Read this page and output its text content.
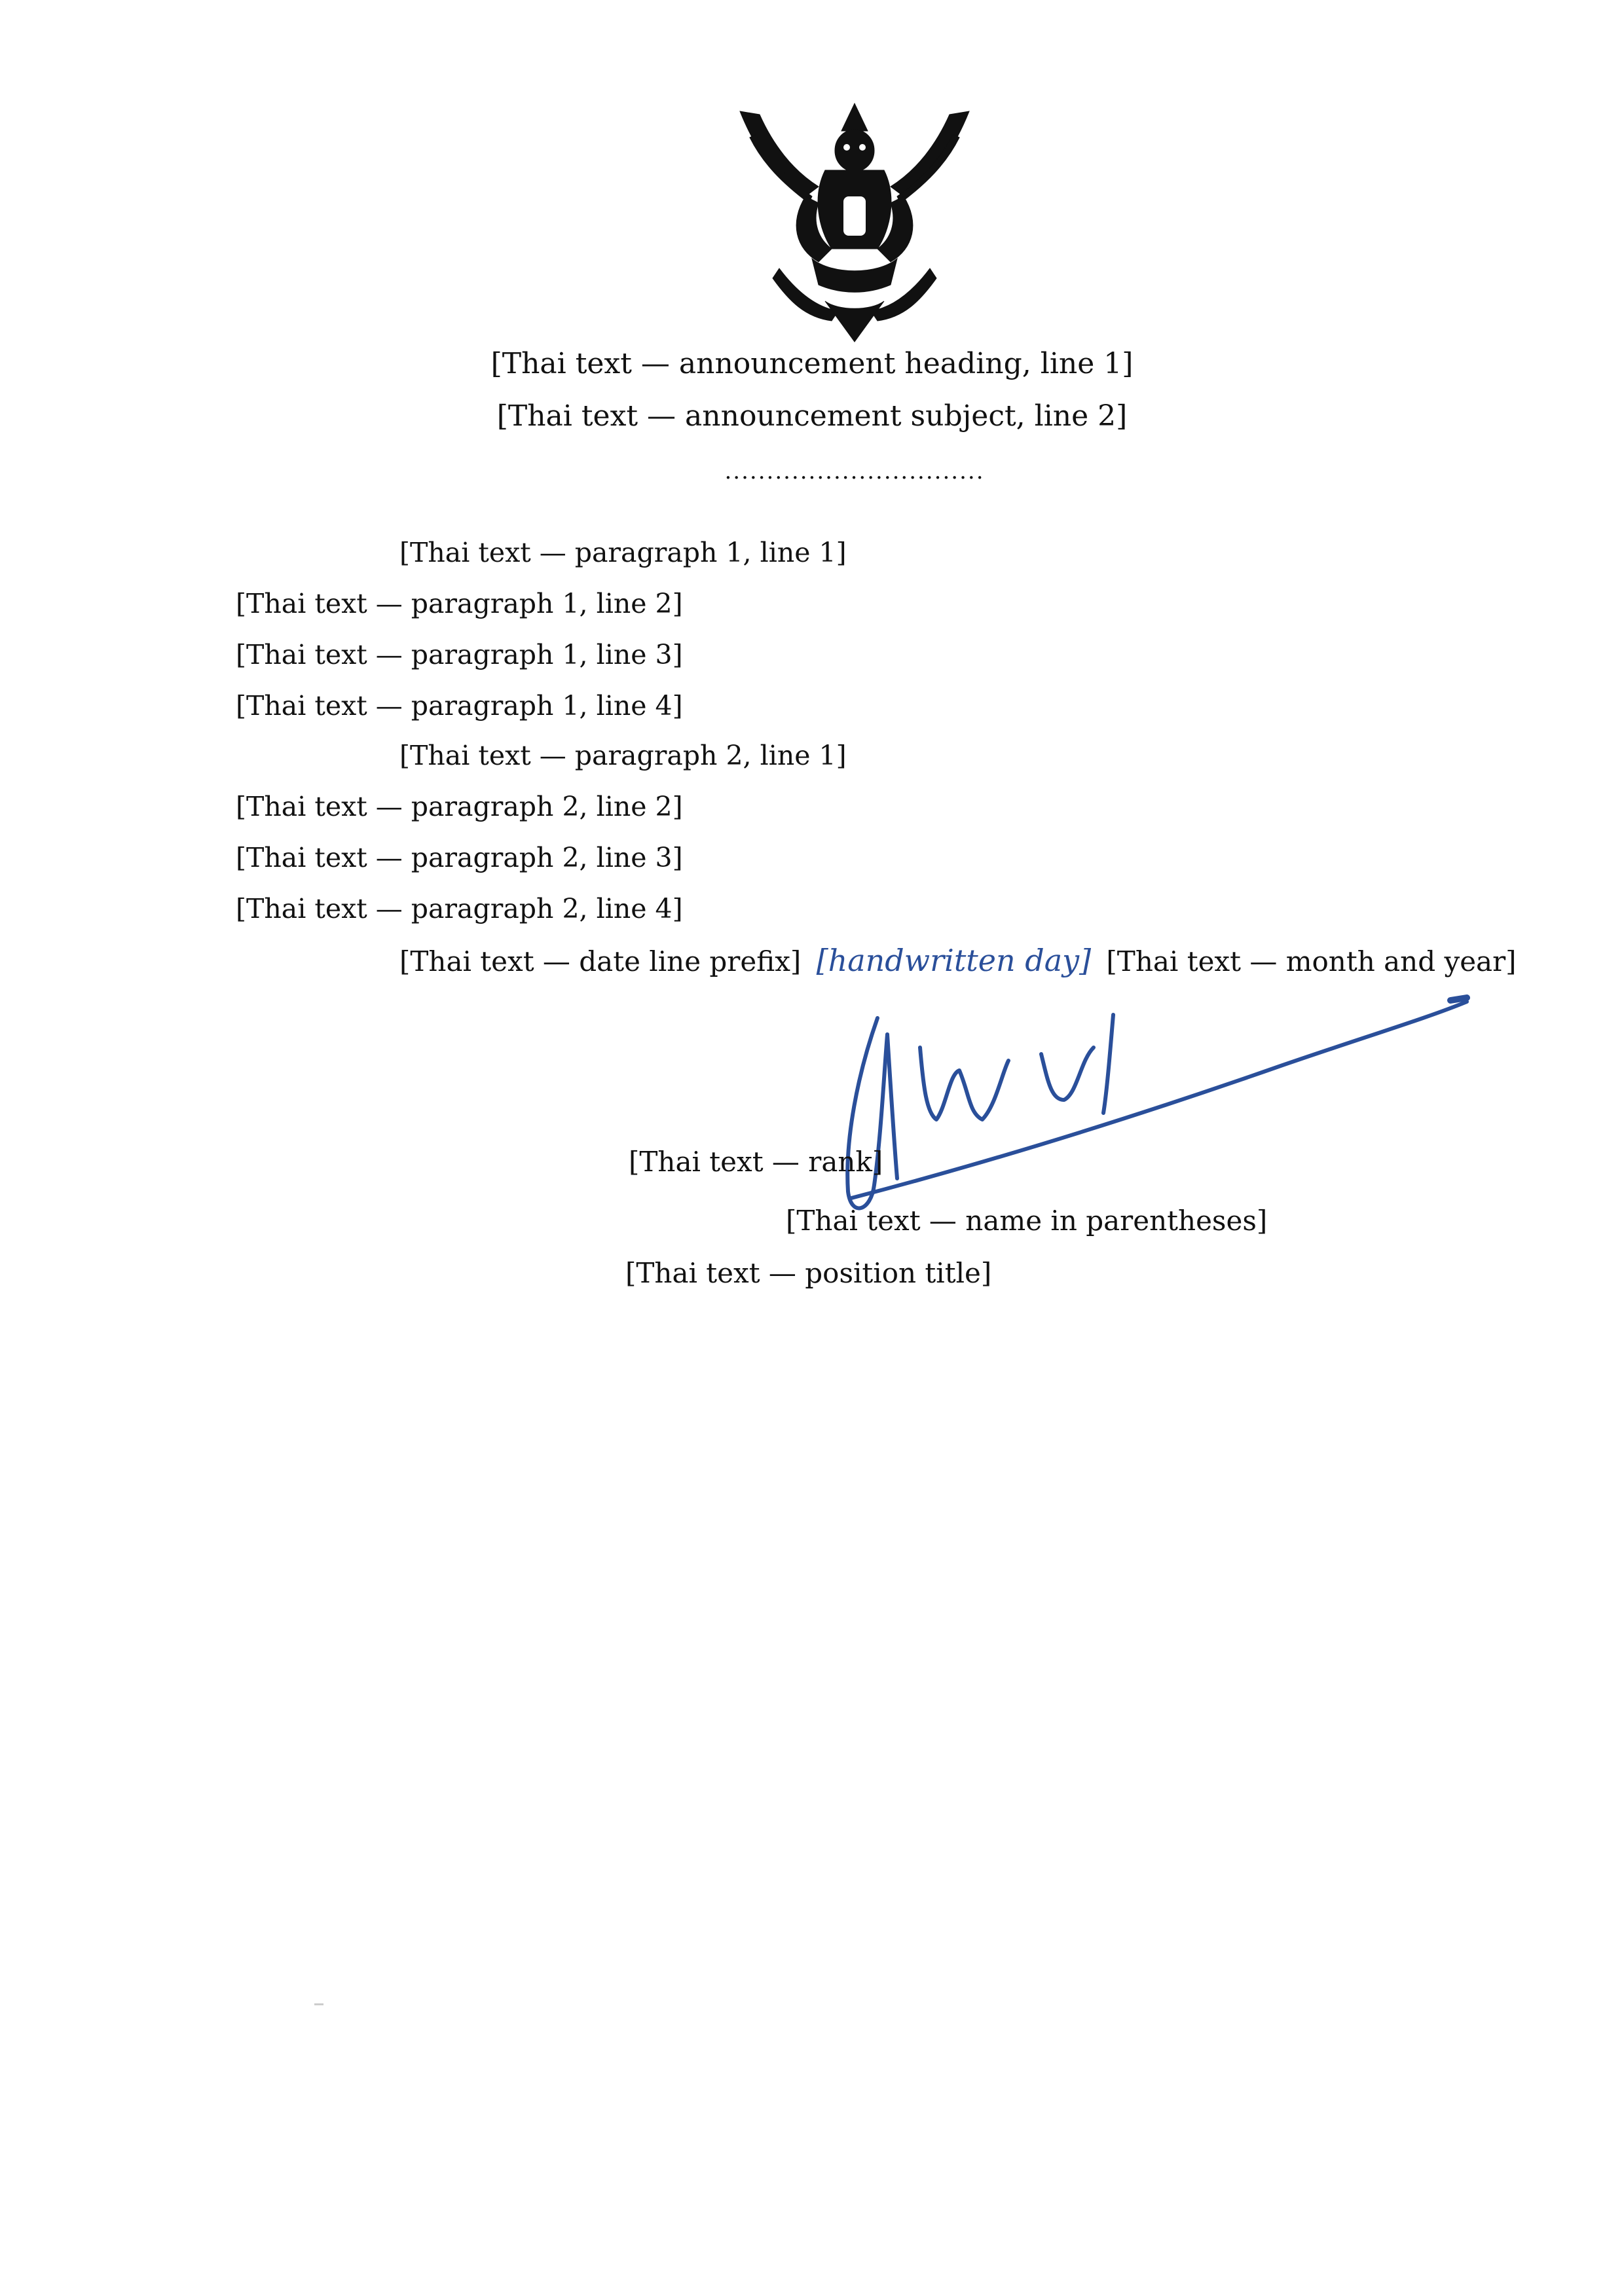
[Thai text — announcement heading, line 1]
[Thai text — announcement subject, line 2]
...............................
[Thai text — paragraph 1, line 1]
[Thai text — paragraph 1, line 2]
[Thai text — paragraph 1, line 3]
[Thai text — paragraph 1, line 4]
[Thai text — paragraph 2, line 1]
[Thai text — paragraph 2, line 2]
[Thai text — paragraph 2, line 3]
[Thai text — paragraph 2, line 4]
[Thai text — date line prefix] [handwritten day] [Thai text — month and year]
[Thai text — rank]
[Thai text — name in parentheses]
[Thai text — position title]
